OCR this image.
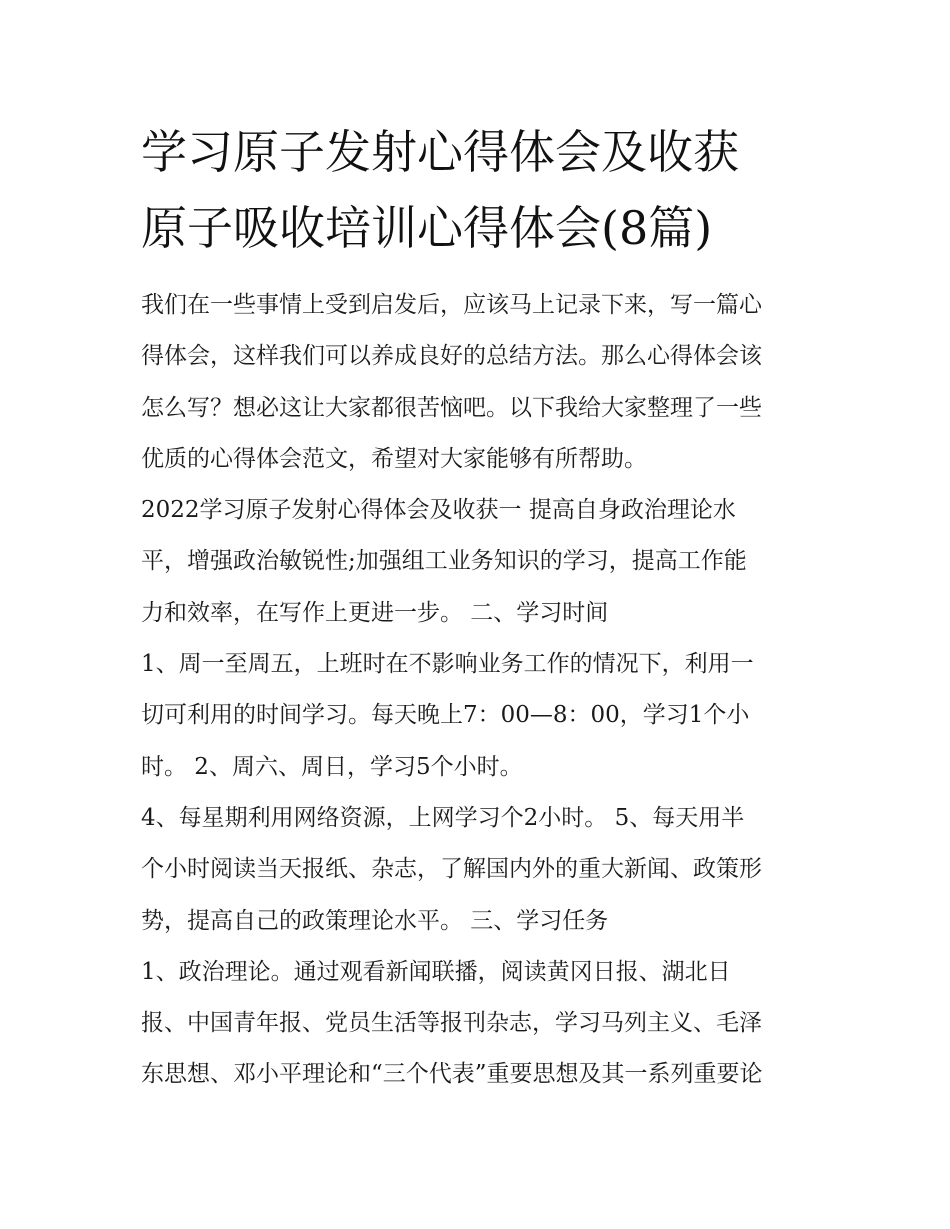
学习原子发射心得体会及收获
原子吸收培训心得体会(8篇)
我们在一些事情上受到启发后，应该马上记录下来，写一篇心
得体会，这样我们可以养成良好的总结方法。那么心得体会该
怎么写？想必这让大家都很苦恼吧。以下我给大家整理了一些
优质的心得体会范文，希望对大家能够有所帮助。
2022学习原子发射心得体会及收获一 提高自身政治理论水
平，增强政治敏锐性;加强组工业务知识的学习，提高工作能
力和效率，在写作上更进一步。 二、学习时间
1、周一至周五，上班时在不影响业务工作的情况下，利用一
切可利用的时间学习。每天晚上7：00—8：00，学习1个小
时。 2、周六、周日，学习5个小时。
4、每星期利用网络资源，上网学习个2小时。 5、每天用半
个小时阅读当天报纸、杂志，了解国内外的重大新闻、政策形
势，提高自己的政策理论水平。 三、学习任务
1、政治理论。通过观看新闻联播，阅读黄冈日报、湖北日
报、中国青年报、党员生活等报刊杂志，学习马列主义、毛泽
东思想、邓小平理论和“三个代表”重要思想及其一系列重要论
